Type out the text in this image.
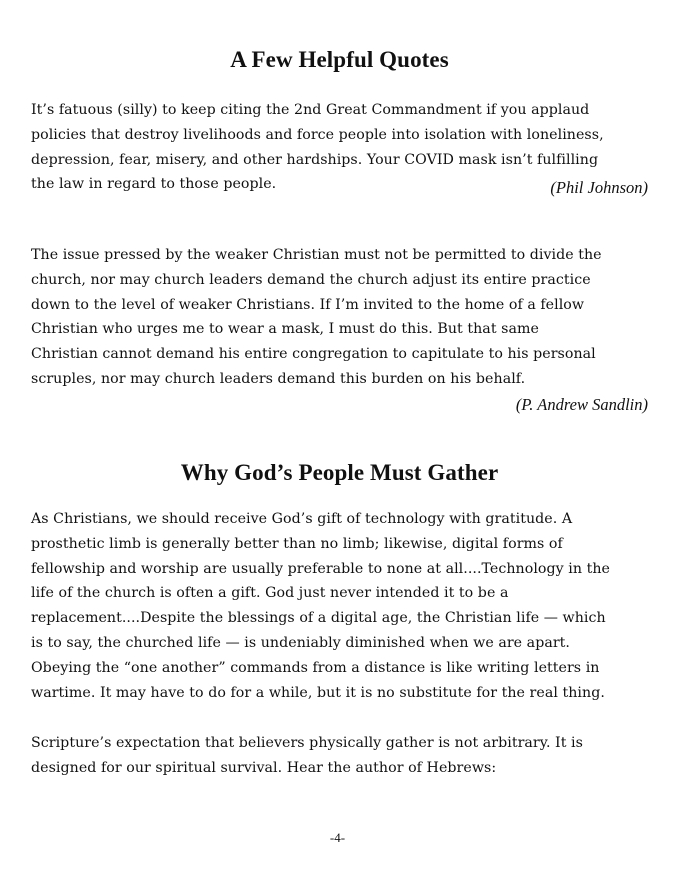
A Few Helpful Quotes
It’s fatuous (silly) to keep citing the 2nd Great Commandment if you applaud
policies that destroy livelihoods and force people into isolation with loneliness,
depression, fear, misery, and other hardships. Your COVID mask isn’t fulfilling
the law in regard to those people.	(Phil Johnson)
The issue pressed by the weaker Christian must not be permitted to divide the
church, nor may church leaders demand the church adjust its entire practice
down to the level of weaker Christians. If I’m invited to the home of a fellow
Christian who urges me to wear a mask, I must do this. But that same
Christian cannot demand his entire congregation to capitulate to his personal
scruples, nor may church leaders demand this burden on his behalf.
(P. Andrew Sandlin)
Why God’s People Must Gather
As Christians, we should receive God’s gift of technology with gratitude. A
prosthetic limb is generally better than no limb; likewise, digital forms of
fellowship and worship are usually preferable to none at all....Technology in the
life of the church is often a gift. God just never intended it to be a
replacement....Despite the blessings of a digital age, the Christian life — which
is to say, the churched life — is undeniably diminished when we are apart.
Obeying the “one another” commands from a distance is like writing letters in
wartime. It may have to do for a while, but it is no substitute for the real thing.
Scripture’s expectation that believers physically gather is not arbitrary. It is
designed for our spiritual survival. Hear the author of Hebrews:
-4-
